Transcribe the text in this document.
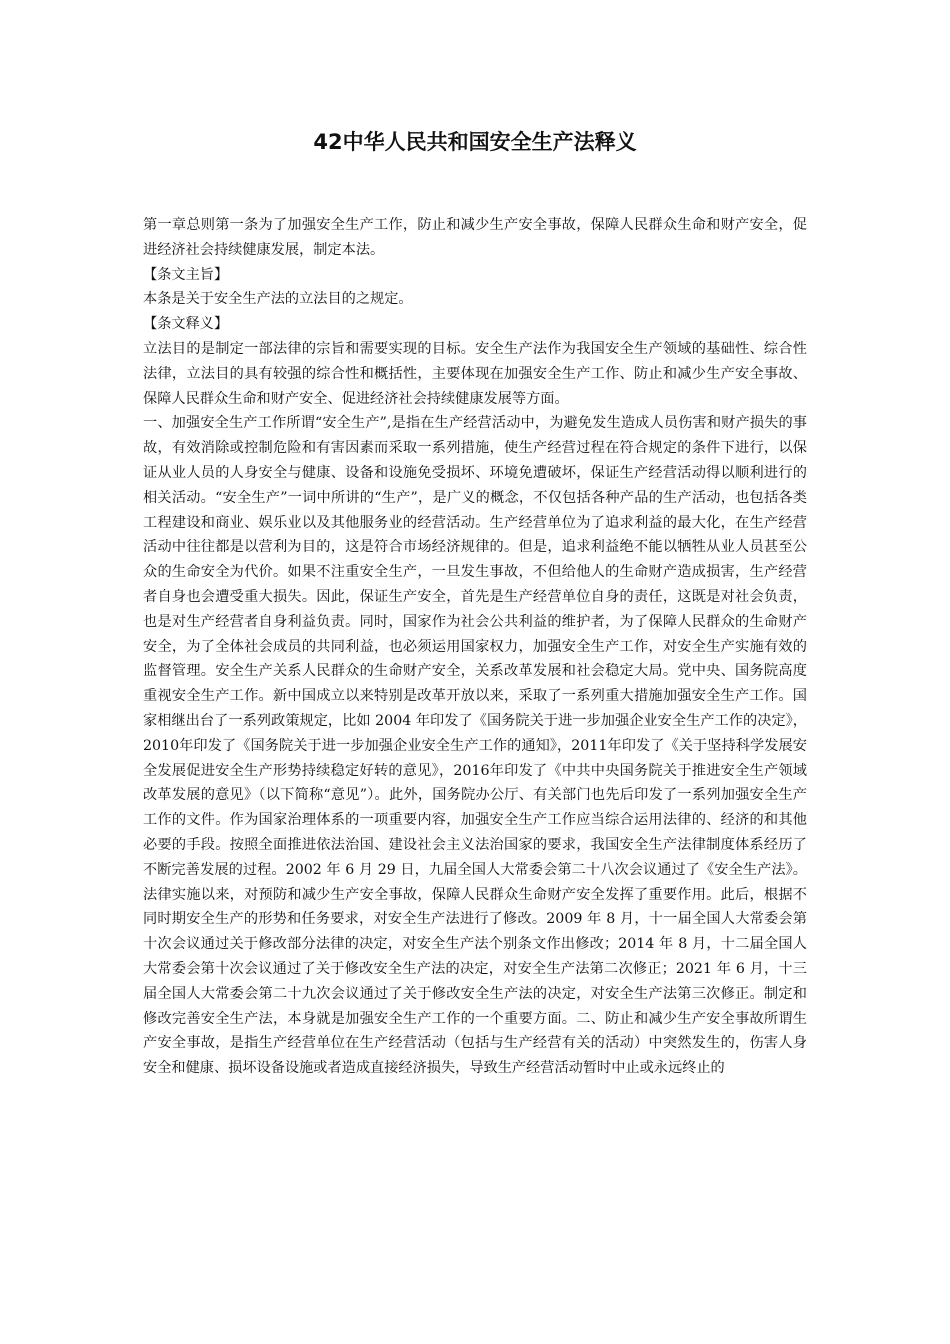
42中华人民共和国安全生产法释义

第一章总则第一条为了加强安全生产工作，防止和减少生产安全事故，保障人民群众生命和财产安全，促进经济社会持续健康发展，制定本法。

【条文主旨】

本条是关于安全生产法的立法目的之规定。

【条文释义】

立法目的是制定一部法律的宗旨和需要实现的目标。安全生产法作为我国安全生产领域的基础性、综合性法律，立法目的具有较强的综合性和概括性，主要体现在加强安全生产工作、防止和减少生产安全事故、保障人民群众生命和财产安全、促进经济社会持续健康发展等方面。

一、加强安全生产工作所谓“安全生产”,是指在生产经营活动中，为避免发生造成人员伤害和财产损失的事故，有效消除或控制危险和有害因素而采取一系列措施，使生产经营过程在符合规定的条件下进行，以保证从业人员的人身安全与健康、设备和设施免受损坏、环境免遭破坏，保证生产经营活动得以顺利进行的相关活动。“安全生产”一词中所讲的“生产”，是广义的概念，不仅包括各种产品的生产活动，也包括各类工程建设和商业、娱乐业以及其他服务业的经营活动。生产经营单位为了追求利益的最大化，在生产经营活动中往往都是以营利为目的，这是符合市场经济规律的。但是，追求利益绝不能以牺牲从业人员甚至公众的生命安全为代价。如果不注重安全生产，一旦发生事故，不但给他人的生命财产造成损害，生产经营者自身也会遭受重大损失。因此，保证生产安全，首先是生产经营单位自身的责任，这既是对社会负责，也是对生产经营者自身利益负责。同时，国家作为社会公共利益的维护者，为了保障人民群众的生命财产安全，为了全体社会成员的共同利益，也必须运用国家权力，加强安全生产工作，对安全生产实施有效的监督管理。安全生产关系人民群众的生命财产安全，关系改革发展和社会稳定大局。党中央、国务院高度重视安全生产工作。新中国成立以来特别是改革开放以来，采取了一系列重大措施加强安全生产工作。国家相继出台了一系列政策规定，比如 2004 年印发了《国务院关于进一步加强企业安全生产工作的决定》，2010年印发了《国务院关于进一步加强企业安全生产工作的通知》，2011年印发了《关于坚持科学发展安全发展促进安全生产形势持续稳定好转的意见》，2016年印发了《中共中央国务院关于推进安全生产领域改革发展的意见》（以下简称“意见”）。此外，国务院办公厅、有关部门也先后印发了一系列加强安全生产工作的文件。作为国家治理体系的一项重要内容，加强安全生产工作应当综合运用法律的、经济的和其他必要的手段。按照全面推进依法治国、建设社会主义法治国家的要求，我国安全生产法律制度体系经历了不断完善发展的过程。2002 年 6 月 29 日，九届全国人大常委会第二十八次会议通过了《安全生产法》。法律实施以来，对预防和减少生产安全事故，保障人民群众生命财产安全发挥了重要作用。此后，根据不同时期安全生产的形势和任务要求，对安全生产法进行了修改。2009 年 8 月，十一届全国人大常委会第十次会议通过关于修改部分法律的决定，对安全生产法个别条文作出修改；2014 年 8 月，十二届全国人大常委会第十次会议通过了关于修改安全生产法的决定，对安全生产法第二次修正；2021 年 6 月，十三届全国人大常委会第二十九次会议通过了关于修改安全生产法的决定，对安全生产法第三次修正。制定和修改完善安全生产法，本身就是加强安全生产工作的一个重要方面。二、防止和减少生产安全事故所谓生产安全事故，是指生产经营单位在生产经营活动（包括与生产经营有关的活动）中突然发生的，伤害人身安全和健康、损坏设备设施或者造成直接经济损失，导致生产经营活动暂时中止或永远终止的
